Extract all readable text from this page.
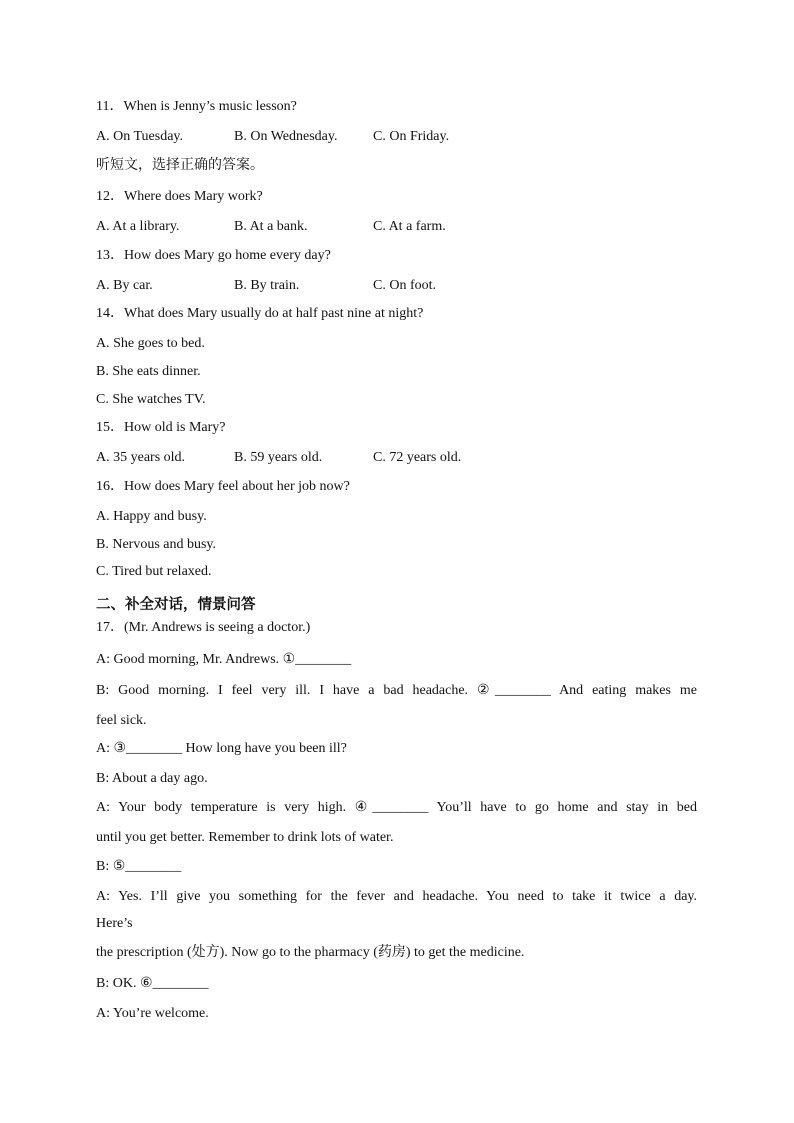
11．When is Jenny’s music lesson?
A. On Tuesday.	B. On Wednesday.	C. On Friday.
听短文，选择正确的答案。
12．Where does Mary work?
A. At a library.	B. At a bank.	C. At a farm.
13．How does Mary go home every day?
A. By car.	B. By train.	C. On foot.
14．What does Mary usually do at half past nine at night?
A. She goes to bed.
B. She eats dinner.
C. She watches TV.
15．How old is Mary?
A. 35 years old.	B. 59 years old.	C. 72 years old.
16．How does Mary feel about her job now?
A. Happy and busy.
B. Nervous and busy.
C. Tired but relaxed.
二、补全对话，情景问答
17．(Mr. Andrews is seeing a doctor.)
A: Good morning, Mr. Andrews. ①________
B: Good morning. I feel very ill. I have a bad headache. ②________ And eating makes me
feel sick.
A: ③________ How long have you been ill?
B: About a day ago.
A: Your body temperature is very high. ④________ You’ll have to go home and stay in bed
until you get better. Remember to drink lots of water.
B: ⑤________
A: Yes. I’ll give you something for the fever and headache. You need to take it twice a day.
Here’s
the prescription (处方). Now go to the pharmacy (药房) to get the medicine.
B: OK. ⑥________
A: You’re welcome.
